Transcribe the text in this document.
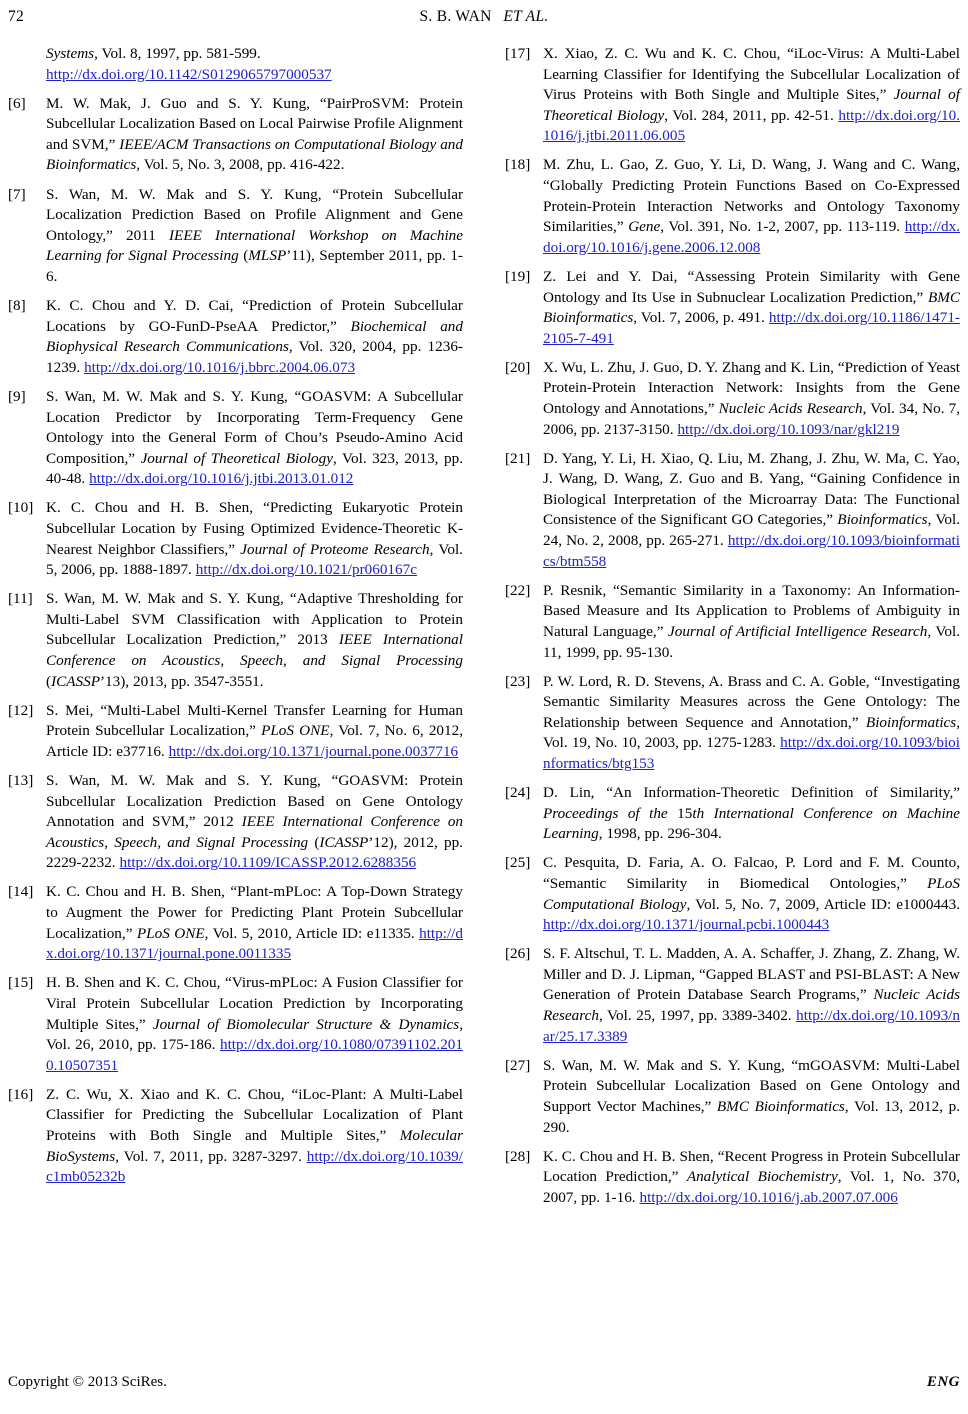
72	S. B. WAN ET AL.
Systems, Vol. 8, 1997, pp. 581-599.
http://dx.doi.org/10.1142/S0129065797000537
[6]	M. W. Mak, J. Guo and S. Y. Kung, “PairProSVM: Protein Subcellular Localization Based on Local Pairwise Profile Alignment and SVM,” IEEE/ACM Transactions on Computational Biology and Bioinformatics, Vol. 5, No. 3, 2008, pp. 416-422.
[7]	S. Wan, M. W. Mak and S. Y. Kung, “Protein Subcellular Localization Prediction Based on Profile Alignment and Gene Ontology,” 2011 IEEE International Workshop on Machine Learning for Signal Processing (MLSP’11), September 2011, pp. 1-6.
[8]	K. C. Chou and Y. D. Cai, “Prediction of Protein Subcellular Locations by GO-FunD-PseAA Predictor,” Biochemical and Biophysical Research Communications, Vol. 320, 2004, pp. 1236-1239. http://dx.doi.org/10.1016/j.bbrc.2004.06.073
[9]	S. Wan, M. W. Mak and S. Y. Kung, “GOASVM: A Subcellular Location Predictor by Incorporating Term-Frequency Gene Ontology into the General Form of Chou’s Pseudo-Amino Acid Composition,” Journal of Theoretical Biology, Vol. 323, 2013, pp. 40-48. http://dx.doi.org/10.1016/j.jtbi.2013.01.012
[10] K. C. Chou and H. B. Shen, “Predicting Eukaryotic Protein Subcellular Location by Fusing Optimized Evidence-Theoretic K-Nearest Neighbor Classifiers,” Journal of Proteome Research, Vol. 5, 2006, pp. 1888-1897. http://dx.doi.org/10.1021/pr060167c
[11] S. Wan, M. W. Mak and S. Y. Kung, “Adaptive Thresholding for Multi-Label SVM Classification with Application to Protein Subcellular Localization Prediction,” 2013 IEEE International Conference on Acoustics, Speech, and Signal Processing (ICASSP’13), 2013, pp. 3547-3551.
[12] S. Mei, “Multi-Label Multi-Kernel Transfer Learning for Human Protein Subcellular Localization,” PLoS ONE, Vol. 7, No. 6, 2012, Article ID: e37716. http://dx.doi.org/10.1371/journal.pone.0037716
[13] S. Wan, M. W. Mak and S. Y. Kung, “GOASVM: Protein Subcellular Localization Prediction Based on Gene Ontology Annotation and SVM,” 2012 IEEE International Conference on Acoustics, Speech, and Signal Processing (ICASSP’12), 2012, pp. 2229-2232. http://dx.doi.org/10.1109/ICASSP.2012.6288356
[14] K. C. Chou and H. B. Shen, “Plant-mPLoc: A Top-Down Strategy to Augment the Power for Predicting Plant Protein Subcellular Localization,” PLoS ONE, Vol. 5, 2010, Article ID: e11335. http://dx.doi.org/10.1371/journal.pone.0011335
[15] H. B. Shen and K. C. Chou, “Virus-mPLoc: A Fusion Classifier for Viral Protein Subcellular Location Prediction by Incorporating Multiple Sites,” Journal of Biomolecular Structure & Dynamics, Vol. 26, 2010, pp. 175-186. http://dx.doi.org/10.1080/07391102.2010.10507351
[16] Z. C. Wu, X. Xiao and K. C. Chou, “iLoc-Plant: A Multi-Label Classifier for Predicting the Subcellular Localization of Plant Proteins with Both Single and Multiple Sites,” Molecular BioSystems, Vol. 7, 2011, pp. 3287-3297. http://dx.doi.org/10.1039/c1mb05232b
[17] X. Xiao, Z. C. Wu and K. C. Chou, “iLoc-Virus: A Multi-Label Learning Classifier for Identifying the Subcellular Localization of Virus Proteins with Both Single and Multiple Sites,” Journal of Theoretical Biology, Vol. 284, 2011, pp. 42-51. http://dx.doi.org/10.1016/j.jtbi.2011.06.005
[18] M. Zhu, L. Gao, Z. Guo, Y. Li, D. Wang, J. Wang and C. Wang, “Globally Predicting Protein Functions Based on Co-Expressed Protein-Protein Interaction Networks and Ontology Taxonomy Similarities,” Gene, Vol. 391, No. 1-2, 2007, pp. 113-119. http://dx.doi.org/10.1016/j.gene.2006.12.008
[19] Z. Lei and Y. Dai, “Assessing Protein Similarity with Gene Ontology and Its Use in Subnuclear Localization Prediction,” BMC Bioinformatics, Vol. 7, 2006, p. 491. http://dx.doi.org/10.1186/1471-2105-7-491
[20] X. Wu, L. Zhu, J. Guo, D. Y. Zhang and K. Lin, “Prediction of Yeast Protein-Protein Interaction Network: Insights from the Gene Ontology and Annotations,” Nucleic Acids Research, Vol. 34, No. 7, 2006, pp. 2137-3150. http://dx.doi.org/10.1093/nar/gkl219
[21] D. Yang, Y. Li, H. Xiao, Q. Liu, M. Zhang, J. Zhu, W. Ma, C. Yao, J. Wang, D. Wang, Z. Guo and B. Yang, “Gaining Confidence in Biological Interpretation of the Microarray Data: The Functional Consistence of the Significant GO Categories,” Bioinformatics, Vol. 24, No. 2, 2008, pp. 265-271. http://dx.doi.org/10.1093/bioinformatics/btm558
[22] P. Resnik, “Semantic Similarity in a Taxonomy: An Information-Based Measure and Its Application to Problems of Ambiguity in Natural Language,” Journal of Artificial Intelligence Research, Vol. 11, 1999, pp. 95-130.
[23] P. W. Lord, R. D. Stevens, A. Brass and C. A. Goble, “Investigating Semantic Similarity Measures across the Gene Ontology: The Relationship between Sequence and Annotation,” Bioinformatics, Vol. 19, No. 10, 2003, pp. 1275-1283. http://dx.doi.org/10.1093/bioinformatics/btg153
[24] D. Lin, “An Information-Theoretic Definition of Similarity,” Proceedings of the 15th International Conference on Machine Learning, 1998, pp. 296-304.
[25] C. Pesquita, D. Faria, A. O. Falcao, P. Lord and F. M. Counto, “Semantic Similarity in Biomedical Ontologies,” PLoS Computational Biology, Vol. 5, No. 7, 2009, Article ID: e1000443. http://dx.doi.org/10.1371/journal.pcbi.1000443
[26] S. F. Altschul, T. L. Madden, A. A. Schaffer, J. Zhang, Z. Zhang, W. Miller and D. J. Lipman, “Gapped BLAST and PSI-BLAST: A New Generation of Protein Database Search Programs,” Nucleic Acids Research, Vol. 25, 1997, pp. 3389-3402. http://dx.doi.org/10.1093/nar/25.17.3389
[27] S. Wan, M. W. Mak and S. Y. Kung, “mGOASVM: Multi-Label Protein Subcellular Localization Based on Gene Ontology and Support Vector Machines,” BMC Bioinformatics, Vol. 13, 2012, p. 290.
[28] K. C. Chou and H. B. Shen, “Recent Progress in Protein Subcellular Location Prediction,” Analytical Biochemistry, Vol. 1, No. 370, 2007, pp. 1-16. http://dx.doi.org/10.1016/j.ab.2007.07.006
Copyright © 2013 SciRes.	ENG
